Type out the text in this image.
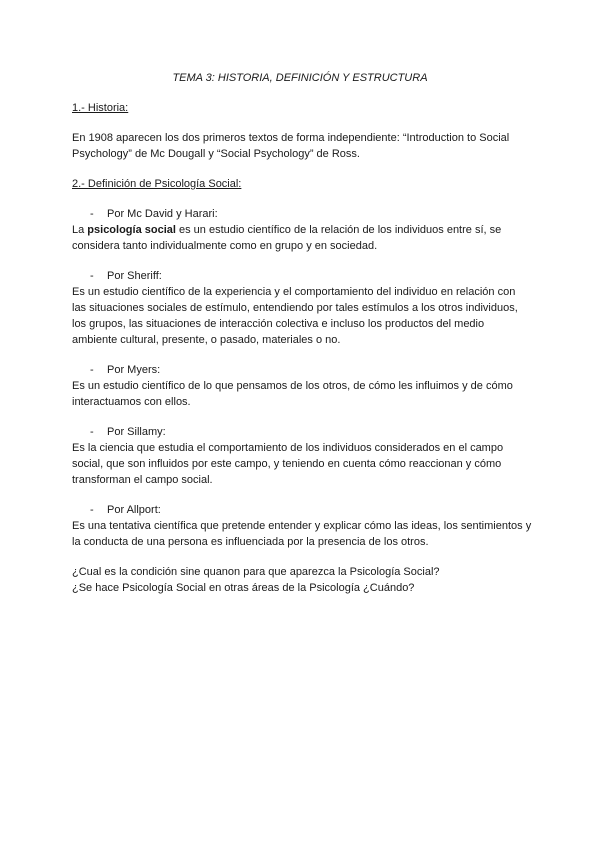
TEMA 3: HISTORIA, DEFINICIÓN Y ESTRUCTURA
1.- Historia:
En 1908 aparecen los dos primeros textos de forma independiente: “Introduction to Social Psychology” de Mc Dougall y “Social Psychology” de Ross.
2.- Definición de Psicología Social:
- Por Mc David y Harari:
La psicología social es un estudio científico de la relación de los individuos entre sí, se considera tanto individualmente como en grupo y en sociedad.
- Por Sheriff:
Es un estudio científico de la experiencia y el comportamiento del individuo en relación con las situaciones sociales de estímulo, entendiendo por tales estímulos a los otros individuos, los grupos, las situaciones de interacción colectiva e incluso los productos del medio ambiente cultural, presente, o pasado, materiales o no.
- Por Myers:
Es un estudio científico de lo que pensamos de los otros, de cómo les influimos y de cómo interactuamos con ellos.
- Por Sillamy:
Es la ciencia que estudia el comportamiento de los individuos considerados en el campo social, que son influidos por este campo, y teniendo en cuenta cómo reaccionan y cómo transforman el campo social.
- Por Allport:
Es una tentativa científica que pretende entender y explicar cómo las ideas, los sentimientos y la conducta de una persona es influenciada por la presencia de los otros.
¿Cual es la condición sine quanon para que aparezca la Psicología Social?
¿Se hace Psicología Social en otras áreas de la Psicología ¿Cuándo?
